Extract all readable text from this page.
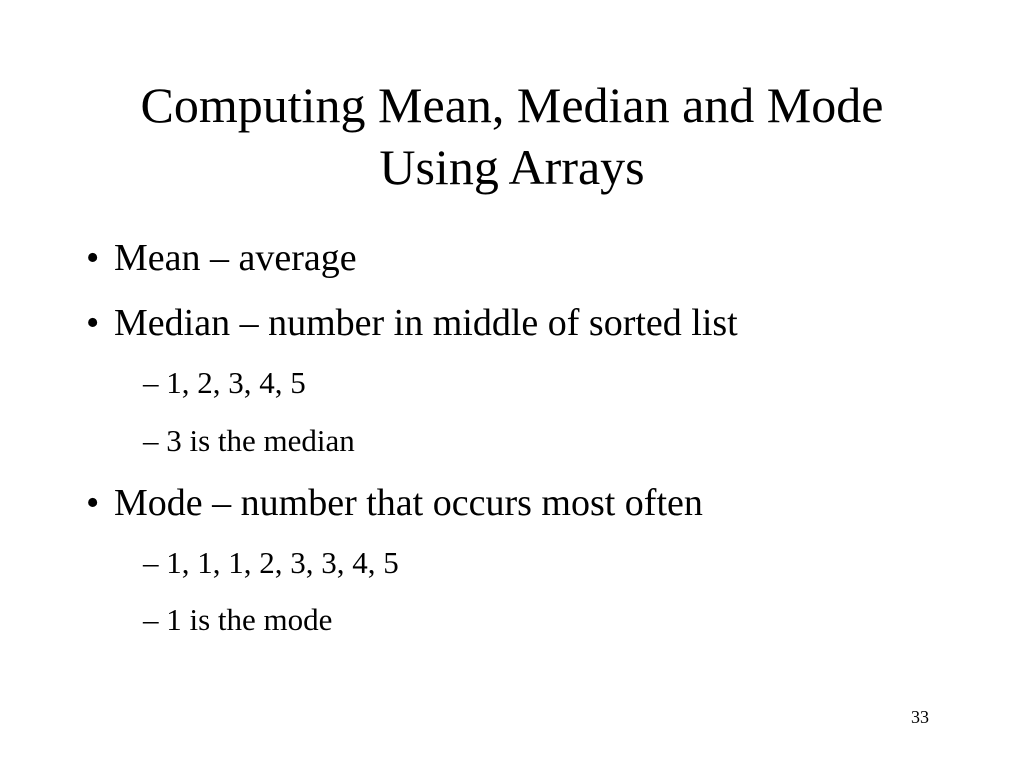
Computing Mean, Median and Mode
Using Arrays
• Mean – average
• Median – number in middle of sorted list
– 1, 2, 3, 4, 5
– 3 is the median
• Mode – number that occurs most often
– 1, 1, 1, 2, 3, 3, 4, 5
– 1 is the mode
33
